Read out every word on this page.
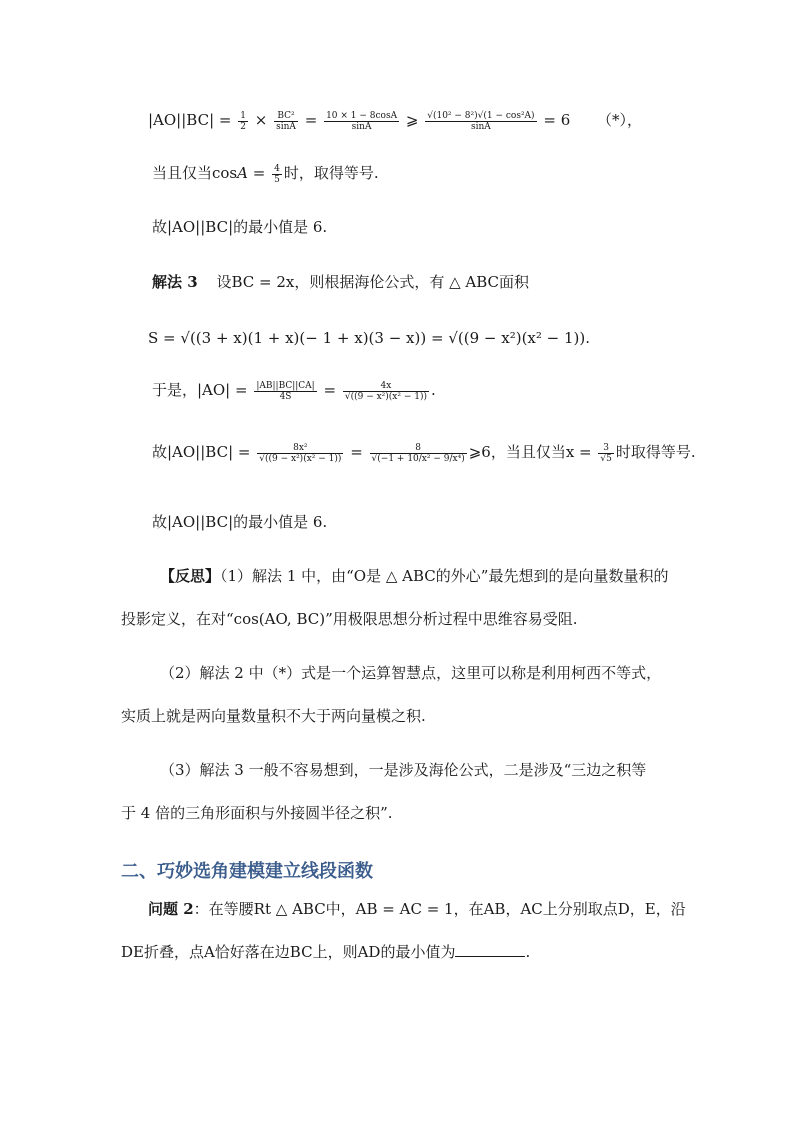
$|AO||BC| = \frac{1}{2} \times \frac{\text{BC²}}{\sin A} = \frac{10 \times 1 - 8\cos A}{\sin A}$ ⩾ $\frac{\text{√(10² − 8²)√(1 − cos²A)}}{\sin A} = 6$ （*），
当且仅当$\cos A = \frac{4}{5}$ 时，取得等号.
故|AO||BC|的最小值是 6.
解法 3 设BC = 2x，则根据海伦公式，有 △ ABC面积
S = √((3 + x)(1 + x)(− 1 + x)(3 − x)) = √((9 − x²)(x² − 1)).
于是，$|AO| = \frac{|AB||BC||CA|}{4S} = \frac{4x}{\text{√((9 − x²)(x² − 1))}}$ .
故$|AO||BC| = \frac{\text{8x²}}{\text{√((9 − x²)(x² − 1))}} = \frac{8}{\text{√(−1 + 10/x² − 9/x⁴)}}$ ⩾6，当且仅当$x = \frac{3}{√5}$ 时取得等号.
故|AO||BC|的最小值是 6.
【反思】（1）解法 1 中，由“O是 △ ABC的外心”最先想到的是向量数量积的
投影定义，在对“cos(AO, BC)”用极限思想分析过程中思维容易受阻.
（2）解法 2 中（*）式是一个运算智慧点，这里可以称是利用柯西不等式，
实质上就是两向量数量积不大于两向量模之积.
（3）解法 3 一般不容易想到，一是涉及海伦公式，二是涉及“三边之积等
于 4 倍的三角形面积与外接圆半径之积”.
二、巧妙选角建模建立线段函数
问题 2：在等腰Rt △ ABC中，AB = AC = 1，在AB，AC上分别取点D，E，沿
DE折叠，点A恰好落在边BC上，则AD的最小值为	.
